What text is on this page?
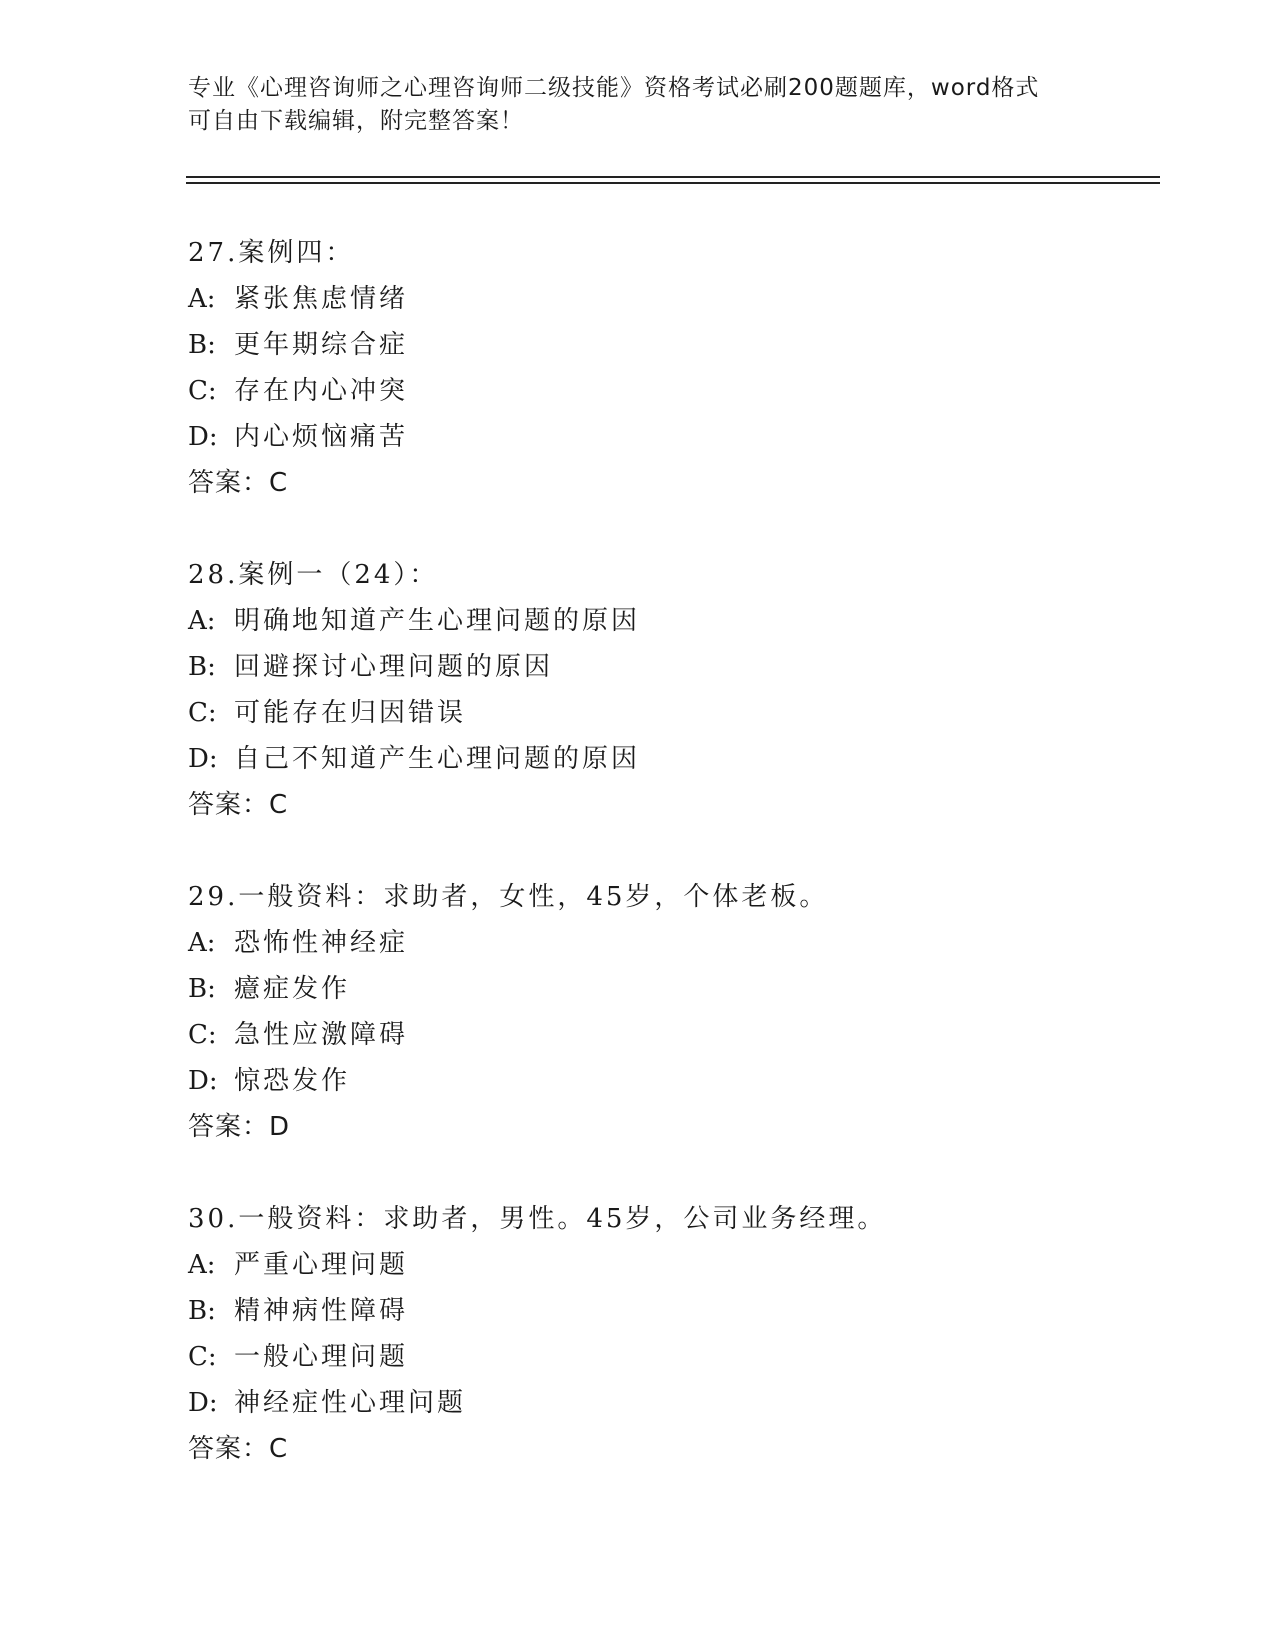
专业《心理咨询师之心理咨询师二级技能》资格考试必刷200题题库，word格式
可自由下载编辑，附完整答案！
27.案例四：
A: 紧张焦虑情绪
B: 更年期综合症
C: 存在内心冲突
D: 内心烦恼痛苦
答案：C
28.案例一（24）：
A: 明确地知道产生心理问题的原因
B: 回避探讨心理问题的原因
C: 可能存在归因错误
D: 自己不知道产生心理问题的原因
答案：C
29.一般资料：求助者，女性，45岁，个体老板。
A: 恐怖性神经症
B: 癔症发作
C: 急性应激障碍
D: 惊恐发作
答案：D
30.一般资料：求助者，男性。45岁，公司业务经理。
A: 严重心理问题
B: 精神病性障碍
C: 一般心理问题
D: 神经症性心理问题
答案：C
